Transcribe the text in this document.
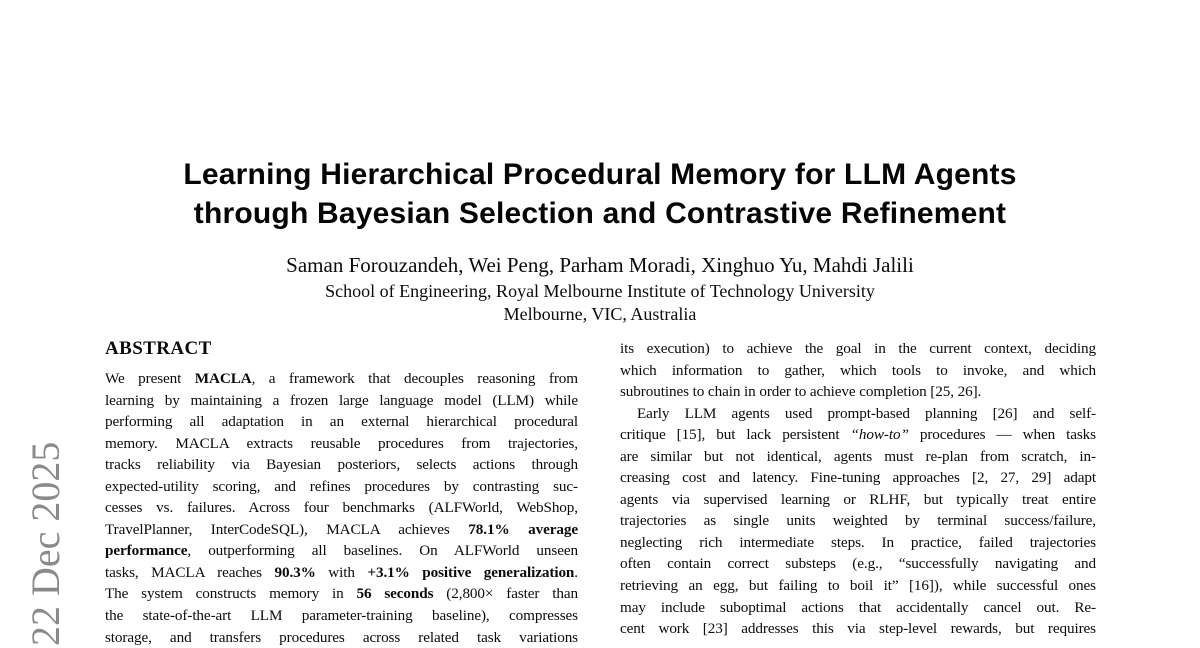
22 Dec 2025
Learning Hierarchical Procedural Memory for LLM Agents
through Bayesian Selection and Contrastive Refinement
Saman Forouzandeh, Wei Peng, Parham Moradi, Xinghuo Yu, Mahdi Jalili
School of Engineering, Royal Melbourne Institute of Technology University
Melbourne, VIC, Australia
ABSTRACT
We present MACLA, a framework that decouples reasoning from
learning by maintaining a frozen large language model (LLM) while
performing all adaptation in an external hierarchical procedural
memory. MACLA extracts reusable procedures from trajectories,
tracks reliability via Bayesian posteriors, selects actions through
expected-utility scoring, and refines procedures by contrasting suc-
cesses vs. failures. Across four benchmarks (ALFWorld, WebShop,
TravelPlanner, InterCodeSQL), MACLA achieves 78.1% average
performance, outperforming all baselines. On ALFWorld unseen
tasks, MACLA reaches 90.3% with +3.1% positive generalization.
The system constructs memory in 56 seconds (2,800× faster than
the state-of-the-art LLM parameter-training baseline), compresses
storage, and transfers procedures across related task variations
its execution) to achieve the goal in the current context, deciding
which information to gather, which tools to invoke, and which
subroutines to chain in order to achieve completion [25, 26].
Early LLM agents used prompt-based planning [26] and self-
critique [15], but lack persistent “how-to” procedures — when tasks
are similar but not identical, agents must re-plan from scratch, in-
creasing cost and latency. Fine-tuning approaches [2, 27, 29] adapt
agents via supervised learning or RLHF, but typically treat entire
trajectories as single units weighted by terminal success/failure,
neglecting rich intermediate steps. In practice, failed trajectories
often contain correct substeps (e.g., “successfully navigating and
retrieving an egg, but failing to boil it” [16]), while successful ones
may include suboptimal actions that accidentally cancel out. Re-
cent work [23] addresses this via step-level rewards, but requires
